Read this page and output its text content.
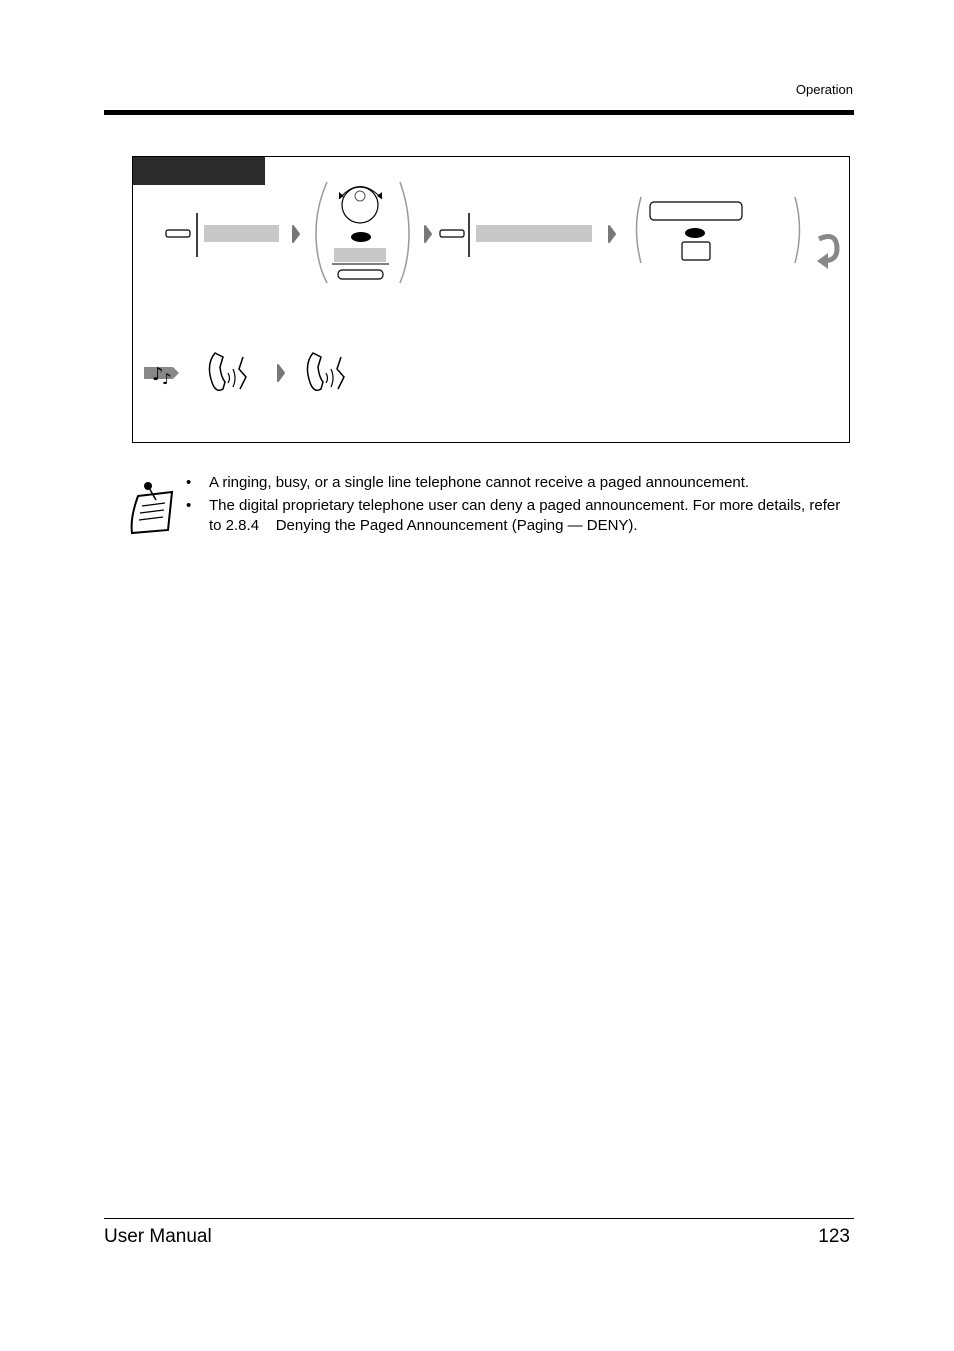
Operation
♪
♪
• A ringing, busy, or a single line telephone cannot receive a paged announcement.
• The digital proprietary telephone user can deny a paged announcement. For more details, refer to 2.8.4    Denying the Paged Announcement (Paging — DENY).
User Manual	123
